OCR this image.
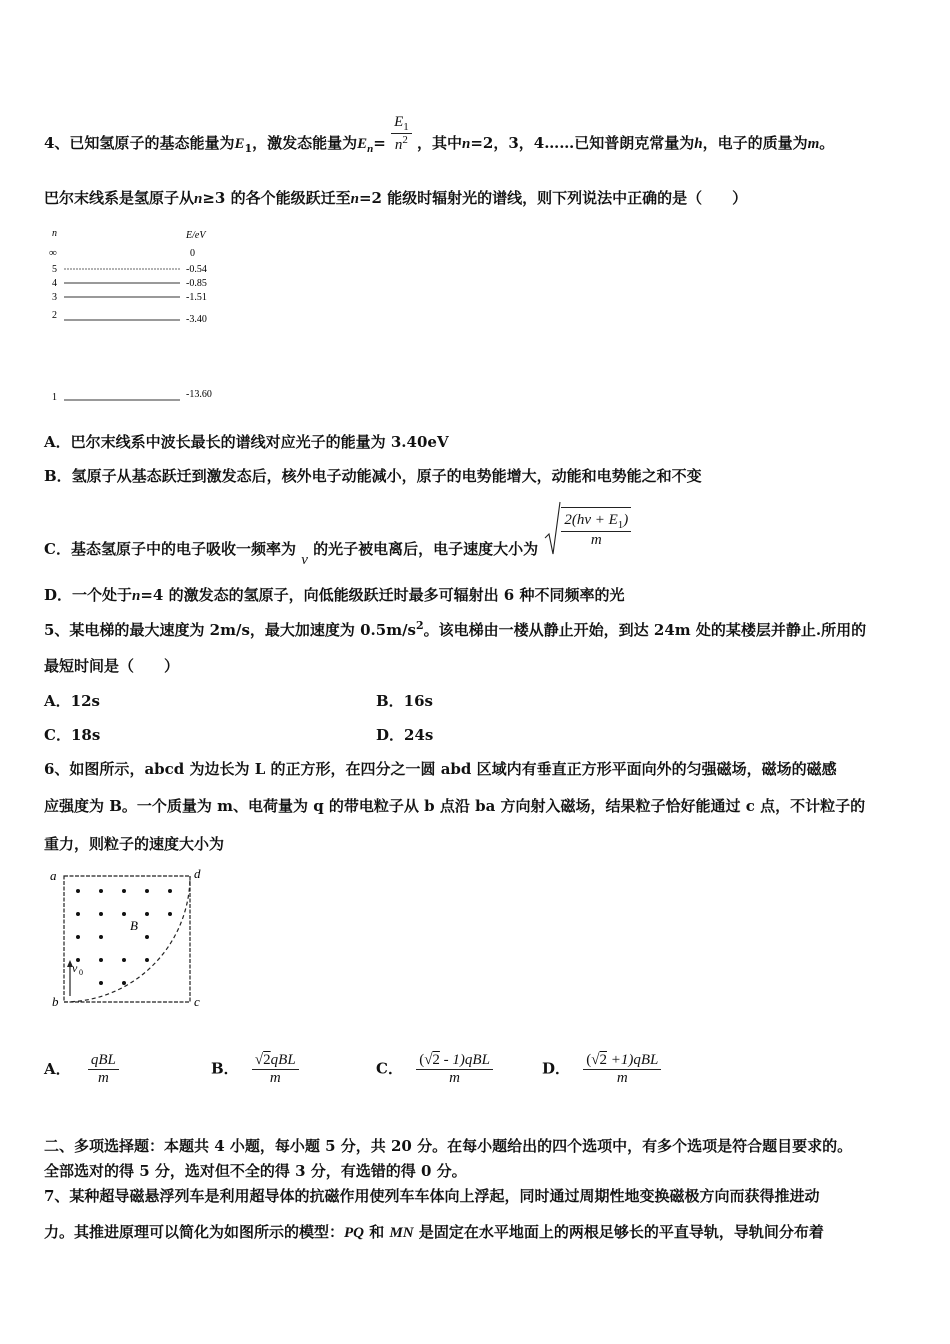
4、已知氢原子的基态能量为$E_1$，激发态能量为$E_n= \frac{E_1}{n^2}$ ，其中n=2，3，4……已知普朗克常量为h，电子的质量为m。
巴尔末线系是氢原子从n≥3 的各个能级跃迁至n=2 能级时辐射光的谱线，则下列说法中正确的是（　　）
n	E/eV
∞	0
5	-0.54
4	-0.85
3	-1.51
2	-3.40
1	-13.60
A．巴尔末线系中波长最长的谱线对应光子的能量为 3.40eV
B．氢原子从基态跃迁到激发态后，核外电子动能减小，原子的电势能增大，动能和电势能之和不变
C．基态氢原子中的电子吸收一频率为 ν 的光子被电离后，电子速度大小为 $\frac{2(h\nu + E_1)}{m}$
D．一个处于n=4 的激发态的氢原子，向低能级跃迁时最多可辐射出 6 种不同频率的光
5、某电梯的最大速度为 2m/s，最大加速度为 $0.5m/s^2$。该电梯由一楼从静止开始，到达 24m 处的某楼层并静止.所用的
最短时间是（　　）
A．12s	B．16s
C．18s	D．24s
6、如图所示，abcd 为边长为 L 的正方形，在四分之一圆 abd 区域内有垂直正方形平面向外的匀强磁场，磁场的磁感
应强度为 B。一个质量为 m、电荷量为 q 的带电粒子从 b 点沿 ba 方向射入磁场，结果粒子恰好能通过 c 点，不计粒子的
重力，则粒子的速度大小为
a	d
b	c
B
v 0
A． $\frac{\text{qBL}}{m}$	B． $\frac{\text{√2qBL}}{m}$	C． $\frac{\text{(√2 - 1)qBL}}{m}$	D． $\frac{\text{(√2 +1)qBL}}{m}$
二、多项选择题：本题共 4 小题，每小题 5 分，共 20 分。在每小题给出的四个选项中，有多个选项是符合题目要求的。
全部选对的得 5 分，选对但不全的得 3 分，有选错的得 0 分。
7、某种超导磁悬浮列车是利用超导体的抗磁作用使列车车体向上浮起，同时通过周期性地变换磁极方向而获得推进动
力。其推进原理可以简化为如图所示的模型：PQ 和 MN 是固定在水平地面上的两根足够长的平直导轨，导轨间分布着
